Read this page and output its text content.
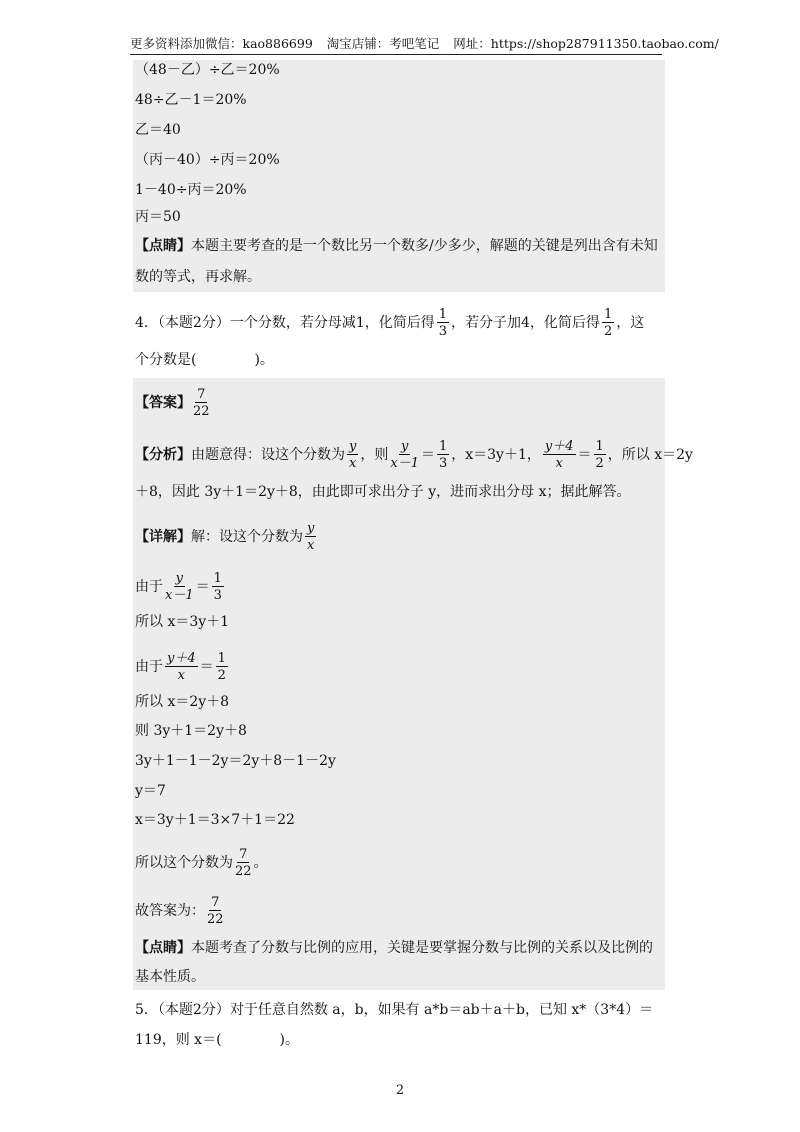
更多资料添加微信：kao886699 淘宝店铺：考吧笔记 网址：https://shop287911350.taobao.com/
（48－乙）÷乙＝20%
48÷乙－1＝20%
乙＝40
（丙－40）÷丙＝20%
1－40÷丙＝20%
丙＝50
【点睛】本题主要考查的是一个数比另一个数多/少多少，解题的关键是列出含有未知
数的等式，再求解。
4．（本题2分）一个分数，若分母减1，化简后得 $\frac{1}{3}$ ，若分子加4，化简后得 $\frac{1}{2}$ ，这
个分数是(	)。
【答案】 $\frac{7}{22}$
【分析】由题意得：设这个分数为 $\frac{y}{x}$ ，则 $\frac{y}{x-1} = \frac{1}{3}$ ，x＝3y＋1， $\frac{y+4}{x} = \frac{1}{2}$ ，所以 x＝2y
＋8，因此 3y＋1＝2y＋8，由此即可求出分子 y，进而求出分母 x；据此解答。
【详解】解：设这个分数为 $\frac{y}{x}$
由于 $\frac{y}{x-1} = \frac{1}{3}$
所以 x＝3y＋1
由于 $\frac{y+4}{x} = \frac{1}{2}$
所以 x＝2y＋8
则 3y＋1＝2y＋8
3y＋1－1－2y＝2y＋8－1－2y
y＝7
x＝3y＋1＝3×7＋1＝22
所以这个分数为 $\frac{7}{22}$ 。
故答案为： $\frac{7}{22}$
【点睛】本题考查了分数与比例的应用，关键是要掌握分数与比例的关系以及比例的
基本性质。
5．（本题2分）对于任意自然数 a，b，如果有 a*b＝ab＋a＋b，已知 x*（3*4）＝
119，则 x＝(	)。
2
